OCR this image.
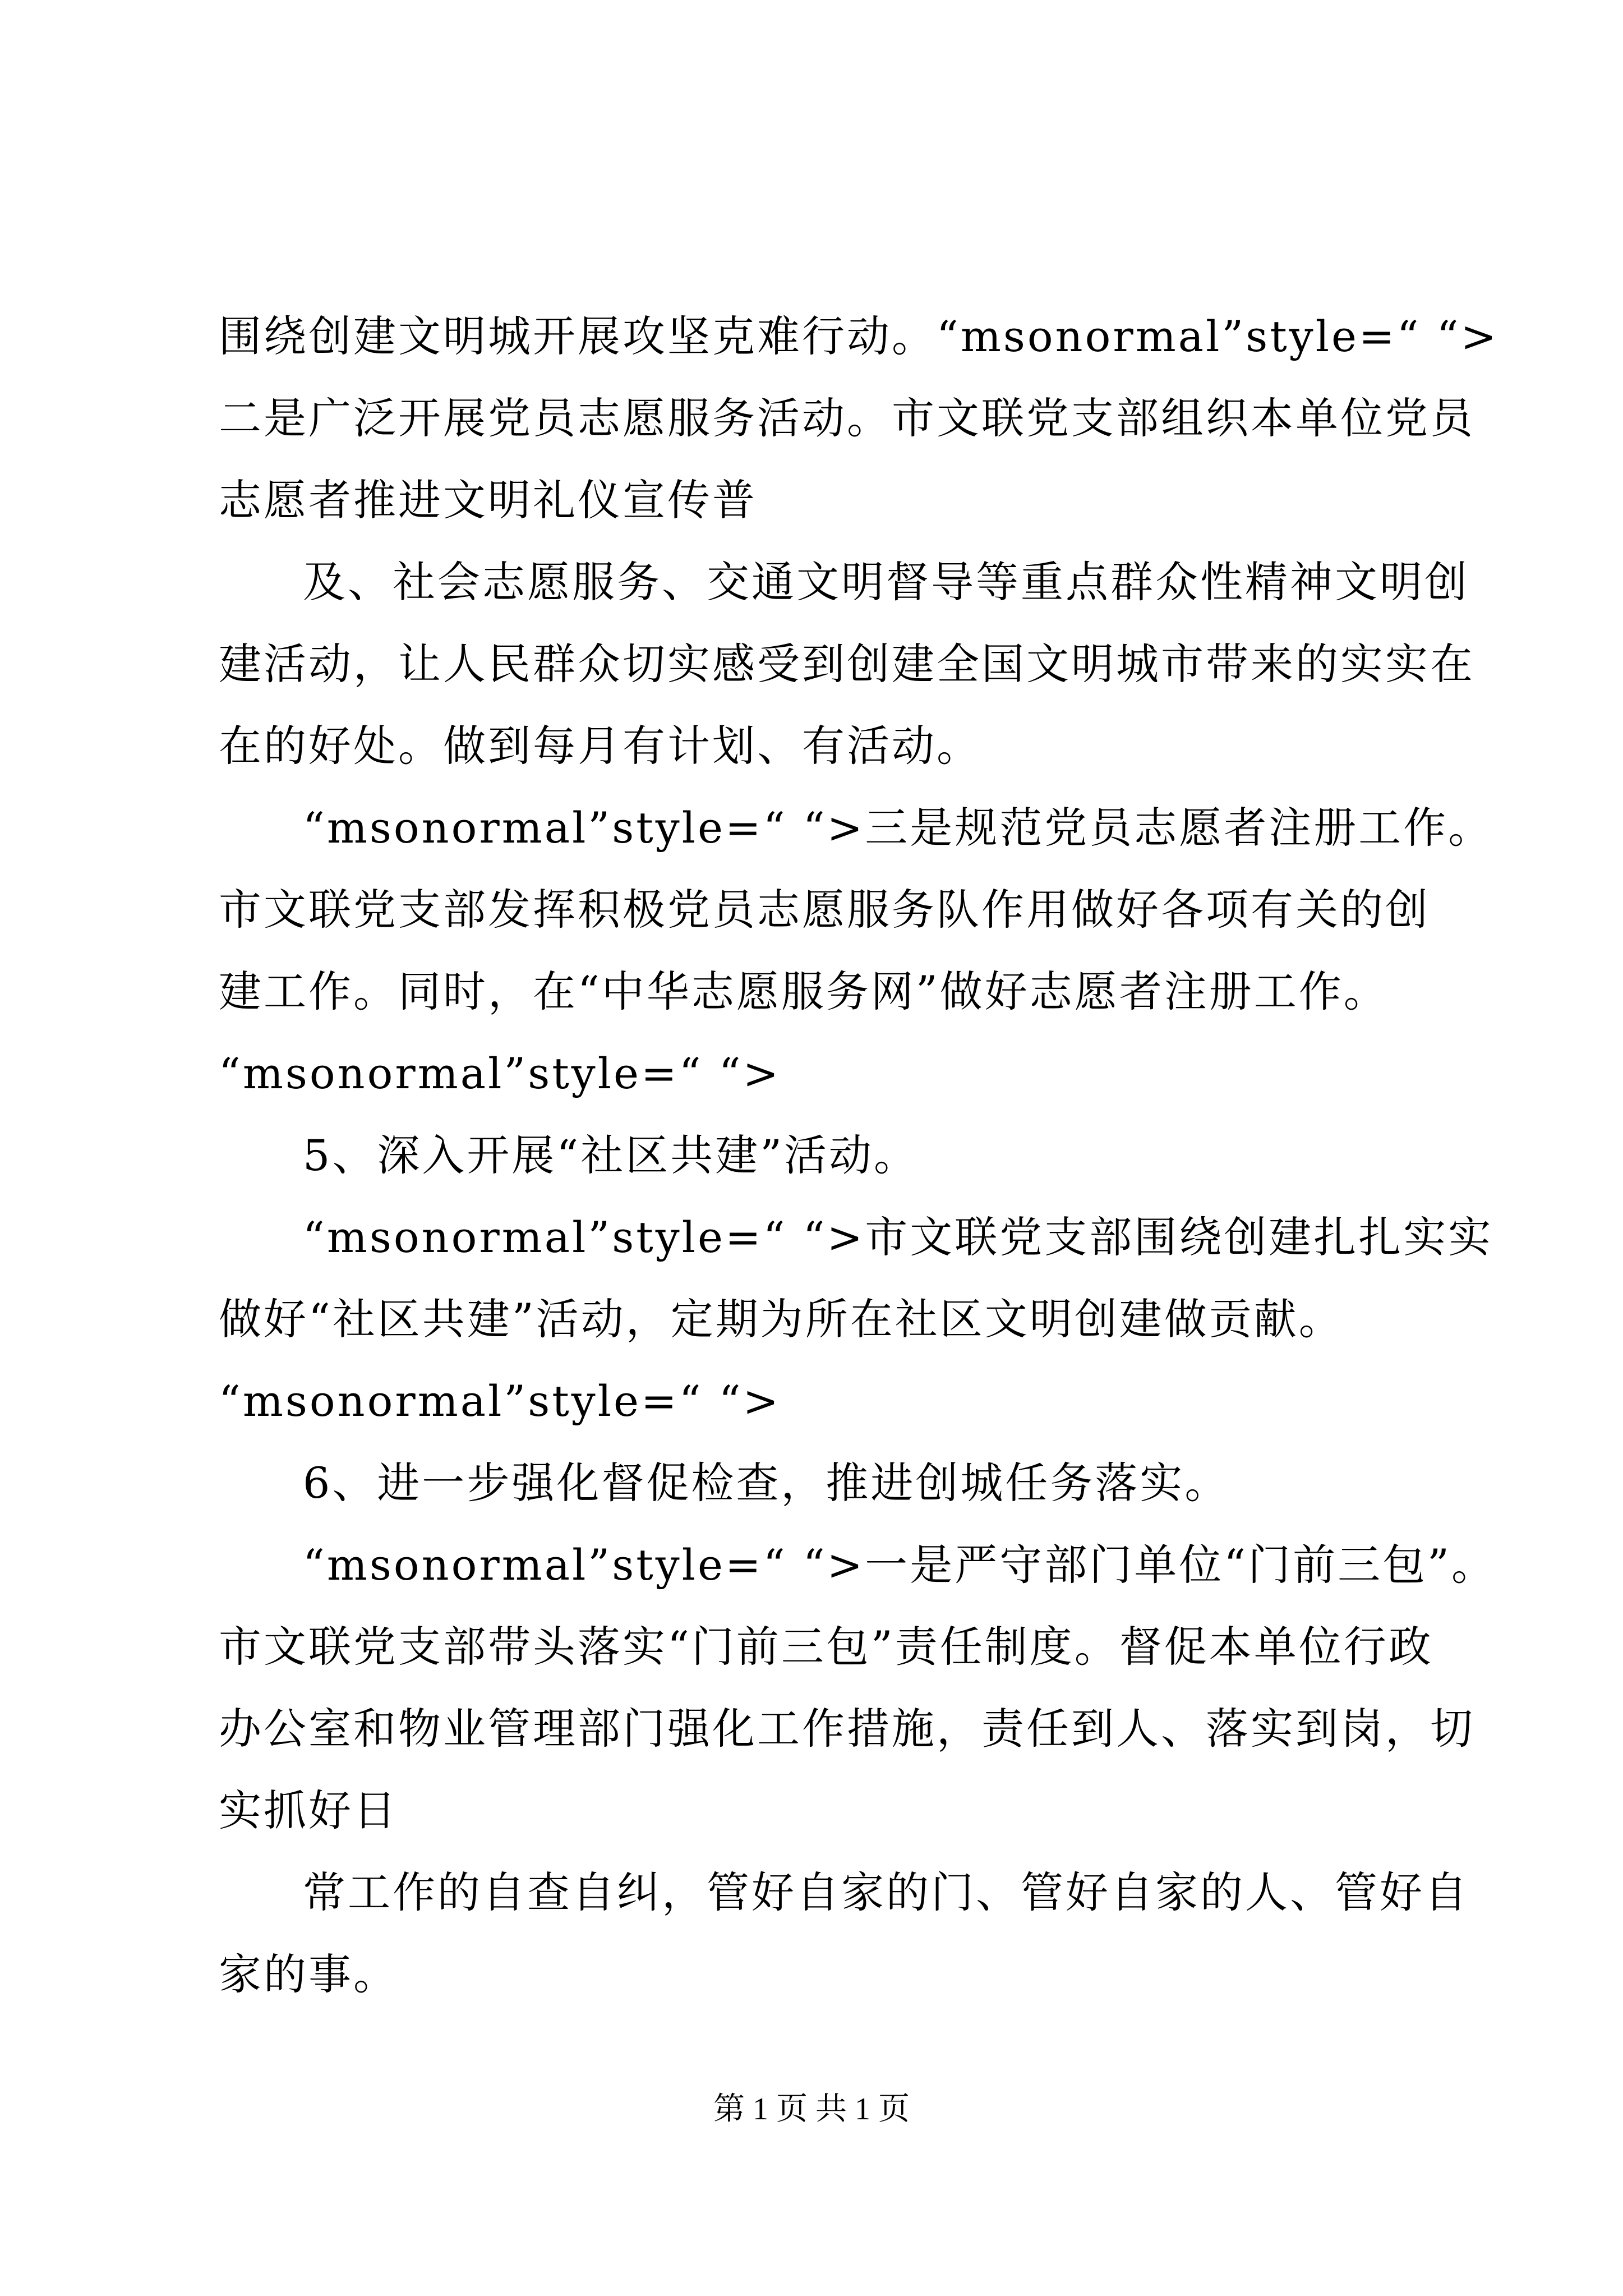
围绕创建文明城开展攻坚克难行动。“msonormal”style=“ “>
二是广泛开展党员志愿服务活动。市文联党支部组织本单位党员
志愿者推进文明礼仪宣传普
及、社会志愿服务、交通文明督导等重点群众性精神文明创
建活动，让人民群众切实感受到创建全国文明城市带来的实实在
在的好处。做到每月有计划、有活动。
“msonormal”style=“ “>三是规范党员志愿者注册工作。
市文联党支部发挥积极党员志愿服务队作用做好各项有关的创
建工作。同时，在“中华志愿服务网”做好志愿者注册工作。
“msonormal”style=“ “>
5、深入开展“社区共建”活动。
“msonormal”style=“ “>市文联党支部围绕创建扎扎实实
做好“社区共建”活动，定期为所在社区文明创建做贡献。
“msonormal”style=“ “>
6、进一步强化督促检查，推进创城任务落实。
“msonormal”style=“ “>一是严守部门单位“门前三包”。
市文联党支部带头落实“门前三包”责任制度。督促本单位行政
办公室和物业管理部门强化工作措施，责任到人、落实到岗，切
实抓好日
常工作的自查自纠，管好自家的门、管好自家的人、管好自
家的事。
第 1 页 共 1 页
